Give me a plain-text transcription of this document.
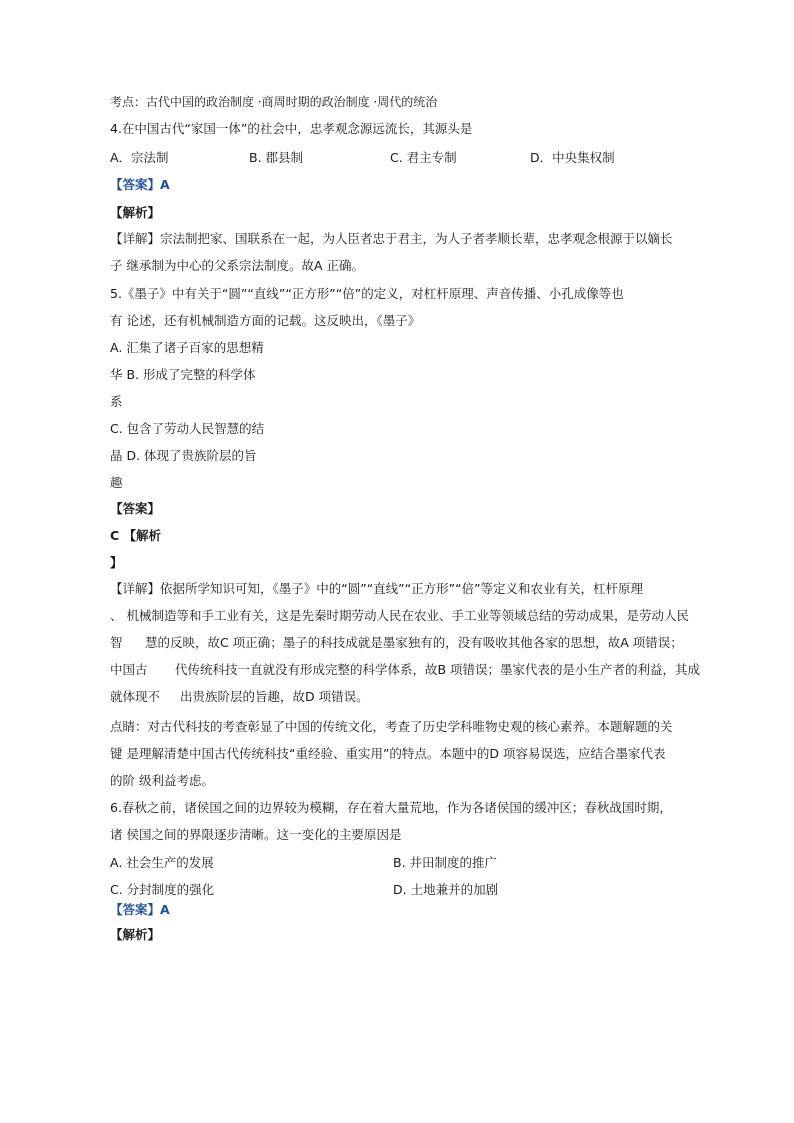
考点：古代中国的政治制度 ·商周时期的政治制度 ·周代的统治
4.在中国古代“家国一体”的社会中，忠孝观念源远流长，其源头是
A．宗法制	B. 郡县制	C. 君主专制	D．中央集权制
【答案】A
【解析】
【详解】宗法制把家、国联系在一起，为人臣者忠于君主，为人子者孝顺长辈，忠孝观念根源于以嫡长
子 继承制为中心的父系宗法制度。故A 正确。
5.《墨子》中有关于“圆”“直线”“正方形”“倍”的定义，对杠杆原理、声音传播、小孔成像等也
有 论述，还有机械制造方面的记载。这反映出，《墨子》
A. 汇集了诸子百家的思想精
华 B. 形成了完整的科学体
系
C. 包含了劳动人民智慧的结
晶 D. 体现了贵族阶层的旨
趣
【答案】
C 【解析
】
【详解】依据所学知识可知，《墨子》中的“圆”“直线”“正方形”“倍”等定义和农业有关，杠杆原理
、 机械制造等和手工业有关，这是先秦时期劳动人民在农业、手工业等领域总结的劳动成果，是劳动人民
智 慧的反映，故C 项正确；墨子的科技成就是墨家独有的，没有吸收其他各家的思想，故A 项错误；
中国古 代传统科技一直就没有形成完整的科学体系，故B 项错误；墨家代表的是小生产者的利益，其成
就体现不 出贵族阶层的旨趣，故D 项错误。
点睛：对古代科技的考查彰显了中国的传统文化，考查了历史学科唯物史观的核心素养。本题解题的关
键 是理解清楚中国古代传统科技“重经验、重实用”的特点。本题中的D 项容易误选，应结合墨家代表
的阶 级利益考虑。
6.春秋之前，诸侯国之间的边界较为模糊，存在着大量荒地，作为各诸侯国的缓冲区；春秋战国时期，
诸 侯国之间的界限逐步清晰。这一变化的主要原因是
A. 社会生产的发展	B. 井田制度的推广
C. 分封制度的强化	D. 土地兼并的加剧
【答案】A
【解析】
